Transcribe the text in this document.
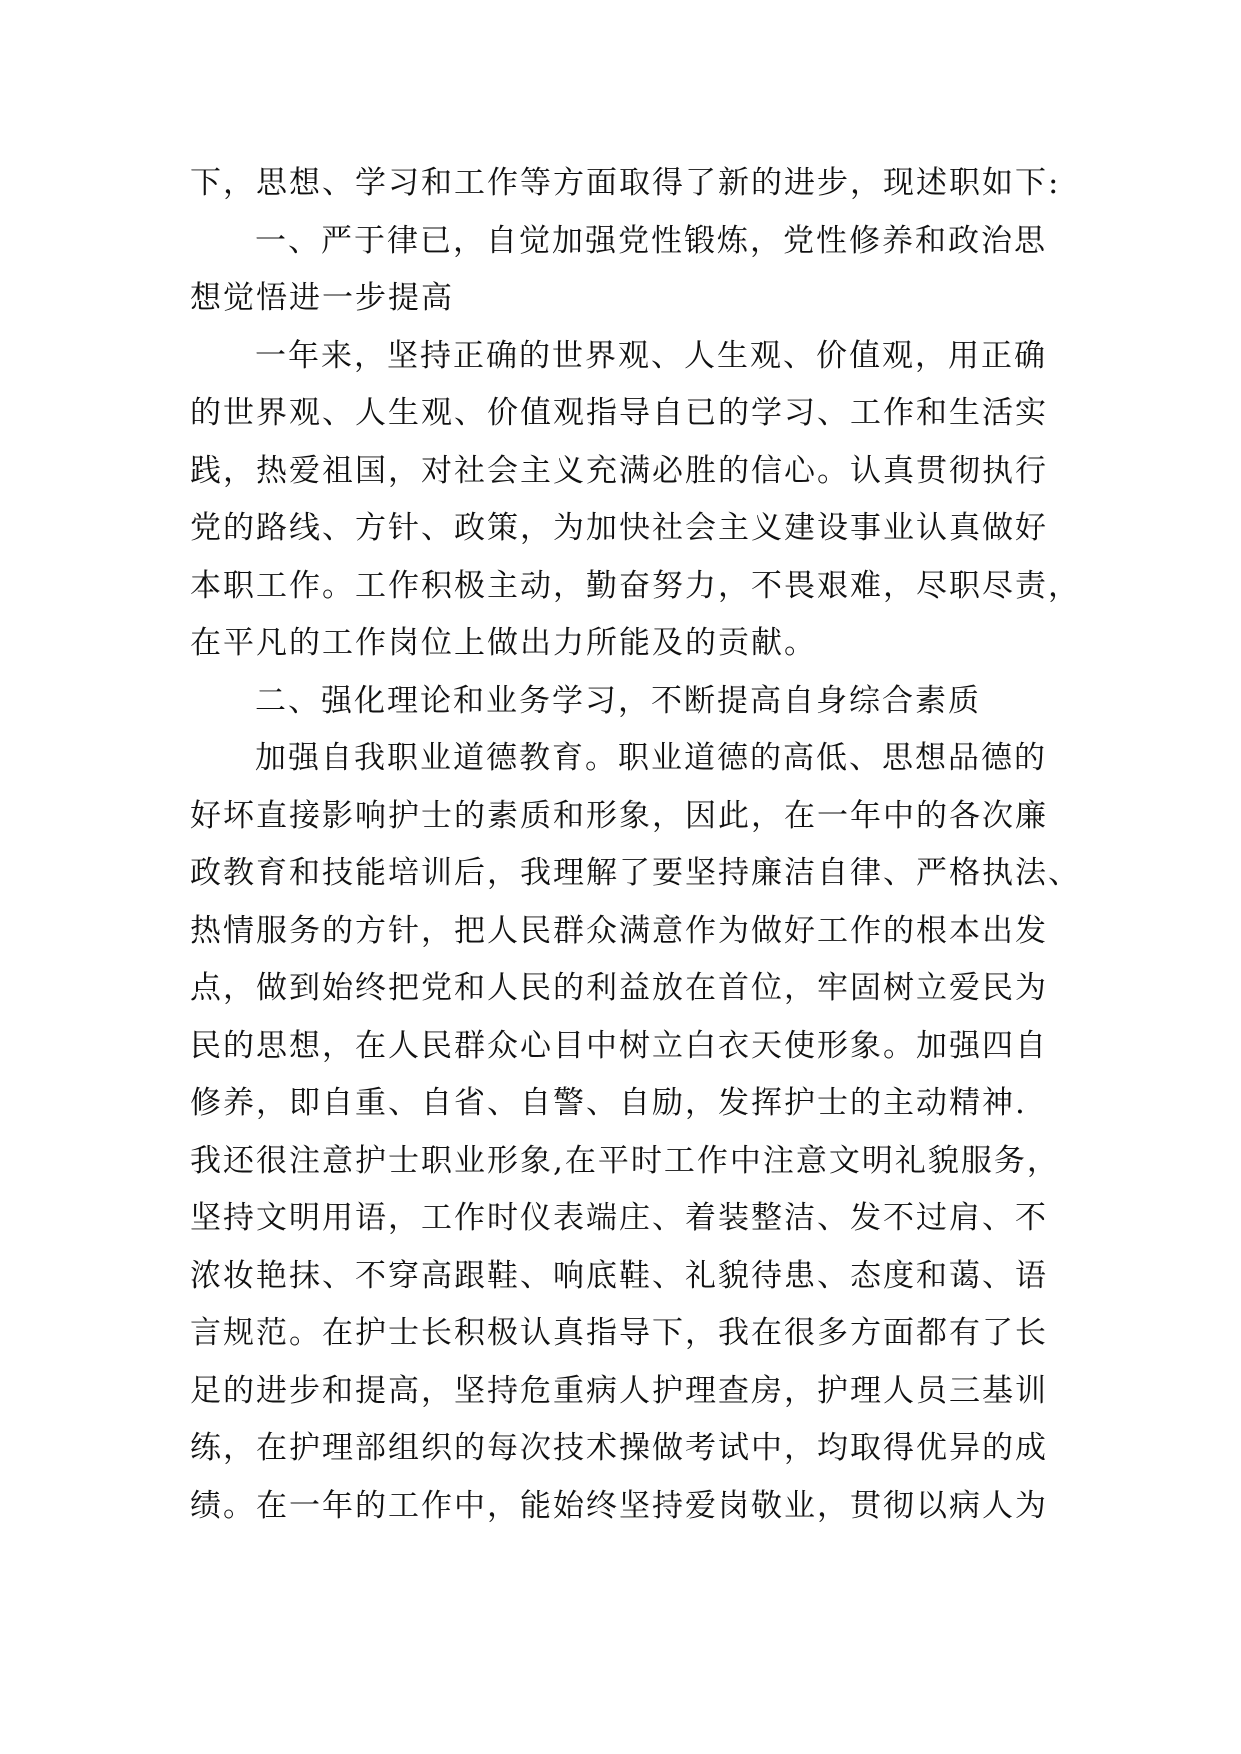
下，思想、学习和工作等方面取得了新的进步，现述职如下:
一、严于律已，自觉加强党性锻炼，党性修养和政治思
想觉悟进一步提高
一年来，坚持正确的世界观、人生观、价值观，用正确
的世界观、人生观、价值观指导自已的学习、工作和生活实
践，热爱祖国，对社会主义充满必胜的信心。认真贯彻执行
党的路线、方针、政策，为加快社会主义建设事业认真做好
本职工作。工作积极主动，勤奋努力，不畏艰难，尽职尽责，
在平凡的工作岗位上做出力所能及的贡献。
二、强化理论和业务学习，不断提高自身综合素质
加强自我职业道德教育。职业道德的高低、思想品德的
好坏直接影响护士的素质和形象，因此，在一年中的各次廉
政教育和技能培训后，我理解了要坚持廉洁自律、严格执法、
热情服务的方针，把人民群众满意作为做好工作的根本出发
点，做到始终把党和人民的利益放在首位，牢固树立爱民为
民的思想，在人民群众心目中树立白衣天使形象。加强四自
修养，即自重、自省、自警、自励，发挥护士的主动精神.
我还很注意护士职业形象,在平时工作中注意文明礼貌服务，
坚持文明用语，工作时仪表端庄、着装整洁、发不过肩、不
浓妆艳抹、不穿高跟鞋、响底鞋、礼貌待患、态度和蔼、语
言规范。在护士长积极认真指导下，我在很多方面都有了长
足的进步和提高，坚持危重病人护理查房，护理人员三基训
练，在护理部组织的每次技术操做考试中，均取得优异的成
绩。在一年的工作中，能始终坚持爱岗敬业，贯彻以病人为
